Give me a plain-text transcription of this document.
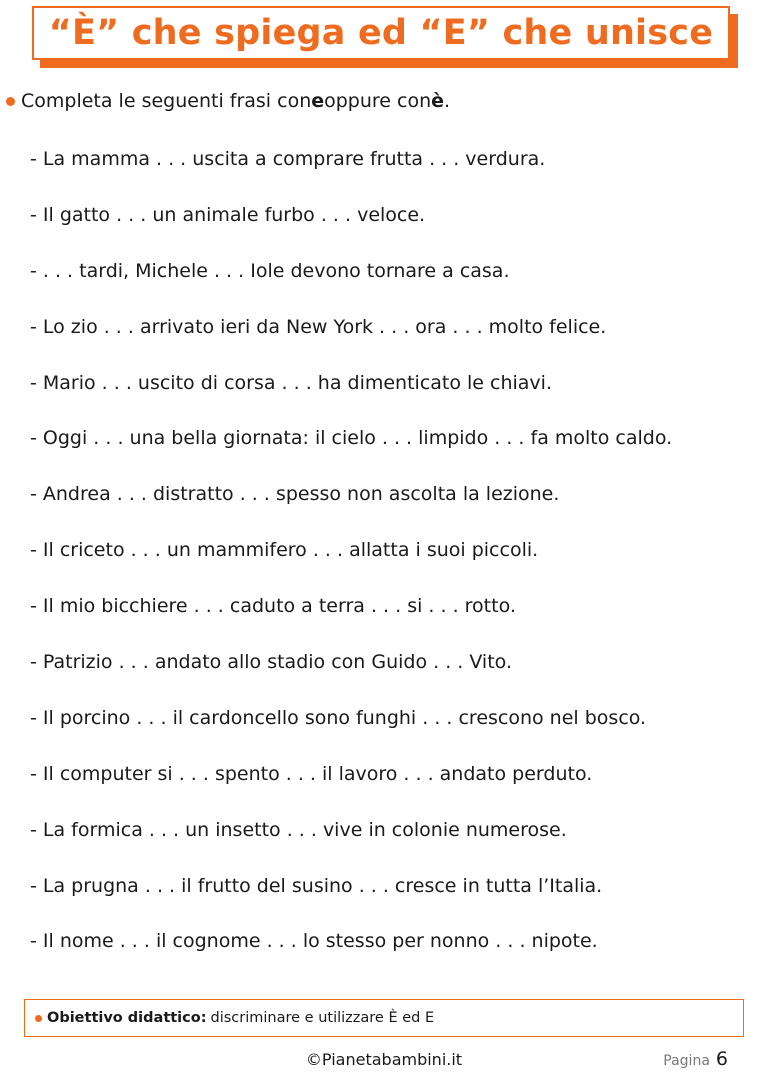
“È” che spiega ed “E” che unisce
Completa le seguenti frasi con e oppure con è .
- La mamma . . . uscita a comprare frutta . . . verdura.
- Il gatto . . . un animale furbo . . . veloce.
- . . . tardi, Michele . . . Iole devono tornare a casa.
- Lo zio . . . arrivato ieri da New York . . . ora . . . molto felice.
- Mario . . . uscito di corsa . . . ha dimenticato le chiavi.
- Oggi . . . una bella giornata: il cielo . . . limpido . . . fa molto caldo.
- Andrea . . . distratto . . . spesso non ascolta la lezione.
- Il criceto . . . un mammifero . . . allatta i suoi piccoli.
- Il mio bicchiere . . . caduto a terra . . . si . . . rotto.
- Patrizio . . . andato allo stadio con Guido . . . Vito.
- Il porcino . . . il cardoncello sono funghi . . . crescono nel bosco.
- Il computer si . . . spento . . . il lavoro . . . andato perduto.
- La formica . . . un insetto . . . vive in colonie numerose.
- La prugna . . . il frutto del susino . . . cresce in tutta l’Italia.
- Il nome . . . il cognome . . . lo stesso per nonno . . . nipote.
Obiettivo didattico: discriminare e utilizzare È ed E
©Pianetabambini.it	Pagina 6
